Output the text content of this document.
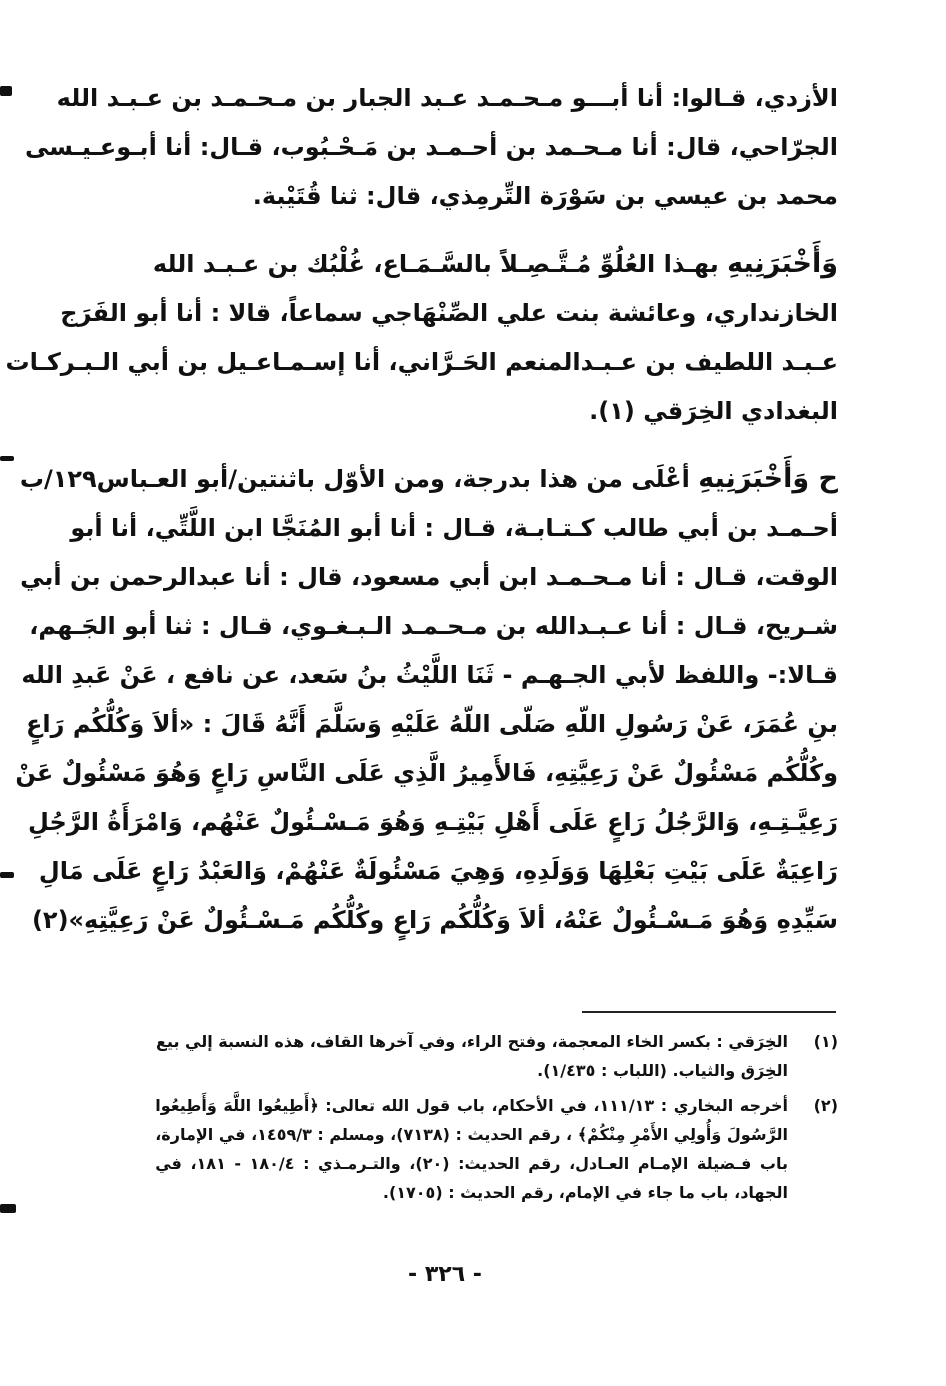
الأزدي، قـالوا: أنا أبـــو مـحـمـد عـبد الجبار بن مـحـمـد بن عـبـد الله
الجرّاحي، قال: أنا مـحـمد بن أحـمـد بن مَـحْـبُوب، قـال: أنا أبـوعـيـسى
محمد بن عيسي بن سَوْرَة التِّرمِذي، قال: ثنا قُتَيْبة.

وَأَخْبَرَنِيهِ بهـذا العُلُوِّ مُـتَّـصِـلاً بالسَّـمَـاع، غُلْبُك بن عـبـد الله
الخازنداري، وعائشة بنت علي الصِّنْهَاجي سماعاً، قالا : أنا أبو الفَرَج
عـبـد اللطيف بن عـبـدالمنعم الحَـرَّاني، أنا إسـمـاعـيل بن أبي الـبـركـات
البغدادي الخِرَقي (١).

ح وَأَخْبَرَنِيهِ أعْلَى من هذا بدرجة، ومن الأوّل باثنتين/أبو العـباس١٢٩/ب
أحـمـد بن أبي طالب كـتـابـة، قـال : أنا أبو المُنَجَّا ابن اللَّتِّي، أنا أبو
الوقت، قـال : أنا مـحـمـد ابن أبي مسعود، قال : أنا عبدالرحمن بن أبي
شـريح، قـال : أنا عـبـدالله بن مـحـمـد الـبـغـوي، قـال : ثنا أبو الجَـهم،
قـالا:- واللفظ لأبي الجـهـم - ثَنَا اللَّيْثُ بنُ سَعد، عن نافع ، عَنْ عَبدِ الله
بنِ عُمَرَ، عَنْ رَسُولِ اللّهِ صَلّى اللّهُ عَلَيْهِ وَسَلَّمَ أَنَّهُ قَالَ : «ألاَ وَكُلُّكُم رَاعٍ
وكُلُّكُم مَسْئُولٌ عَنْ رَعِيَّتِهِ، فَالأَمِيرُ الَّذِي عَلَى النَّاسِ رَاعٍ وَهُوَ مَسْئُولٌ عَنْ
رَعِيَّـتِـهِ، وَالرَّجُلُ رَاعٍ عَلَى أَهْلِ بَيْتِـهِ وَهُوَ مَـسْـئُولٌ عَنْهُم، وَامْرَأَةُ الرَّجُلِ
رَاعِيَةٌ عَلَى بَيْتِ بَعْلِهَا وَوَلَدِهِ، وَهِيَ مَسْئُولَةٌ عَنْهُمْ، وَالعَبْدُ رَاعٍ عَلَى مَالِ
سَيِّدِهِ وَهُوَ مَـسْـئُولٌ عَنْهُ، ألاَ وَكُلُّكُم رَاعٍ وكُلُّكُم مَـسْـئُولٌ عَنْ رَعِيَّتِهِ»(٢)

(١)
الخِرَقي : بكسر الخاء المعجمة، وفتح الراء، وفي آخرها القاف، هذه النسبة إلي بيع
الخِرَق والثياب. (اللباب : ١/٤٣٥).
(٢)
أخرجه البخاري : ١١١/١٣، في الأحكام، باب قول الله تعالى: ﴿أَطِيعُوا اللَّهَ وَأَطِيعُوا
الرَّسُولَ وَأُولِي الأَمْرِ مِنْكُمْ﴾ ، رقم الحديث : (٧١٣٨)، ومسلم : ١٤٥٩/٣، في الإمارة،
باب فـضيلة الإمـام العـادل، رقم الحديث: (٢٠)، والتـرمـذي : ١٨٠/٤ - ١٨١، في
الجهاد، باب ما جاء في الإمام، رقم الحديث : (١٧٠٥).
- ٣٢٦ -
